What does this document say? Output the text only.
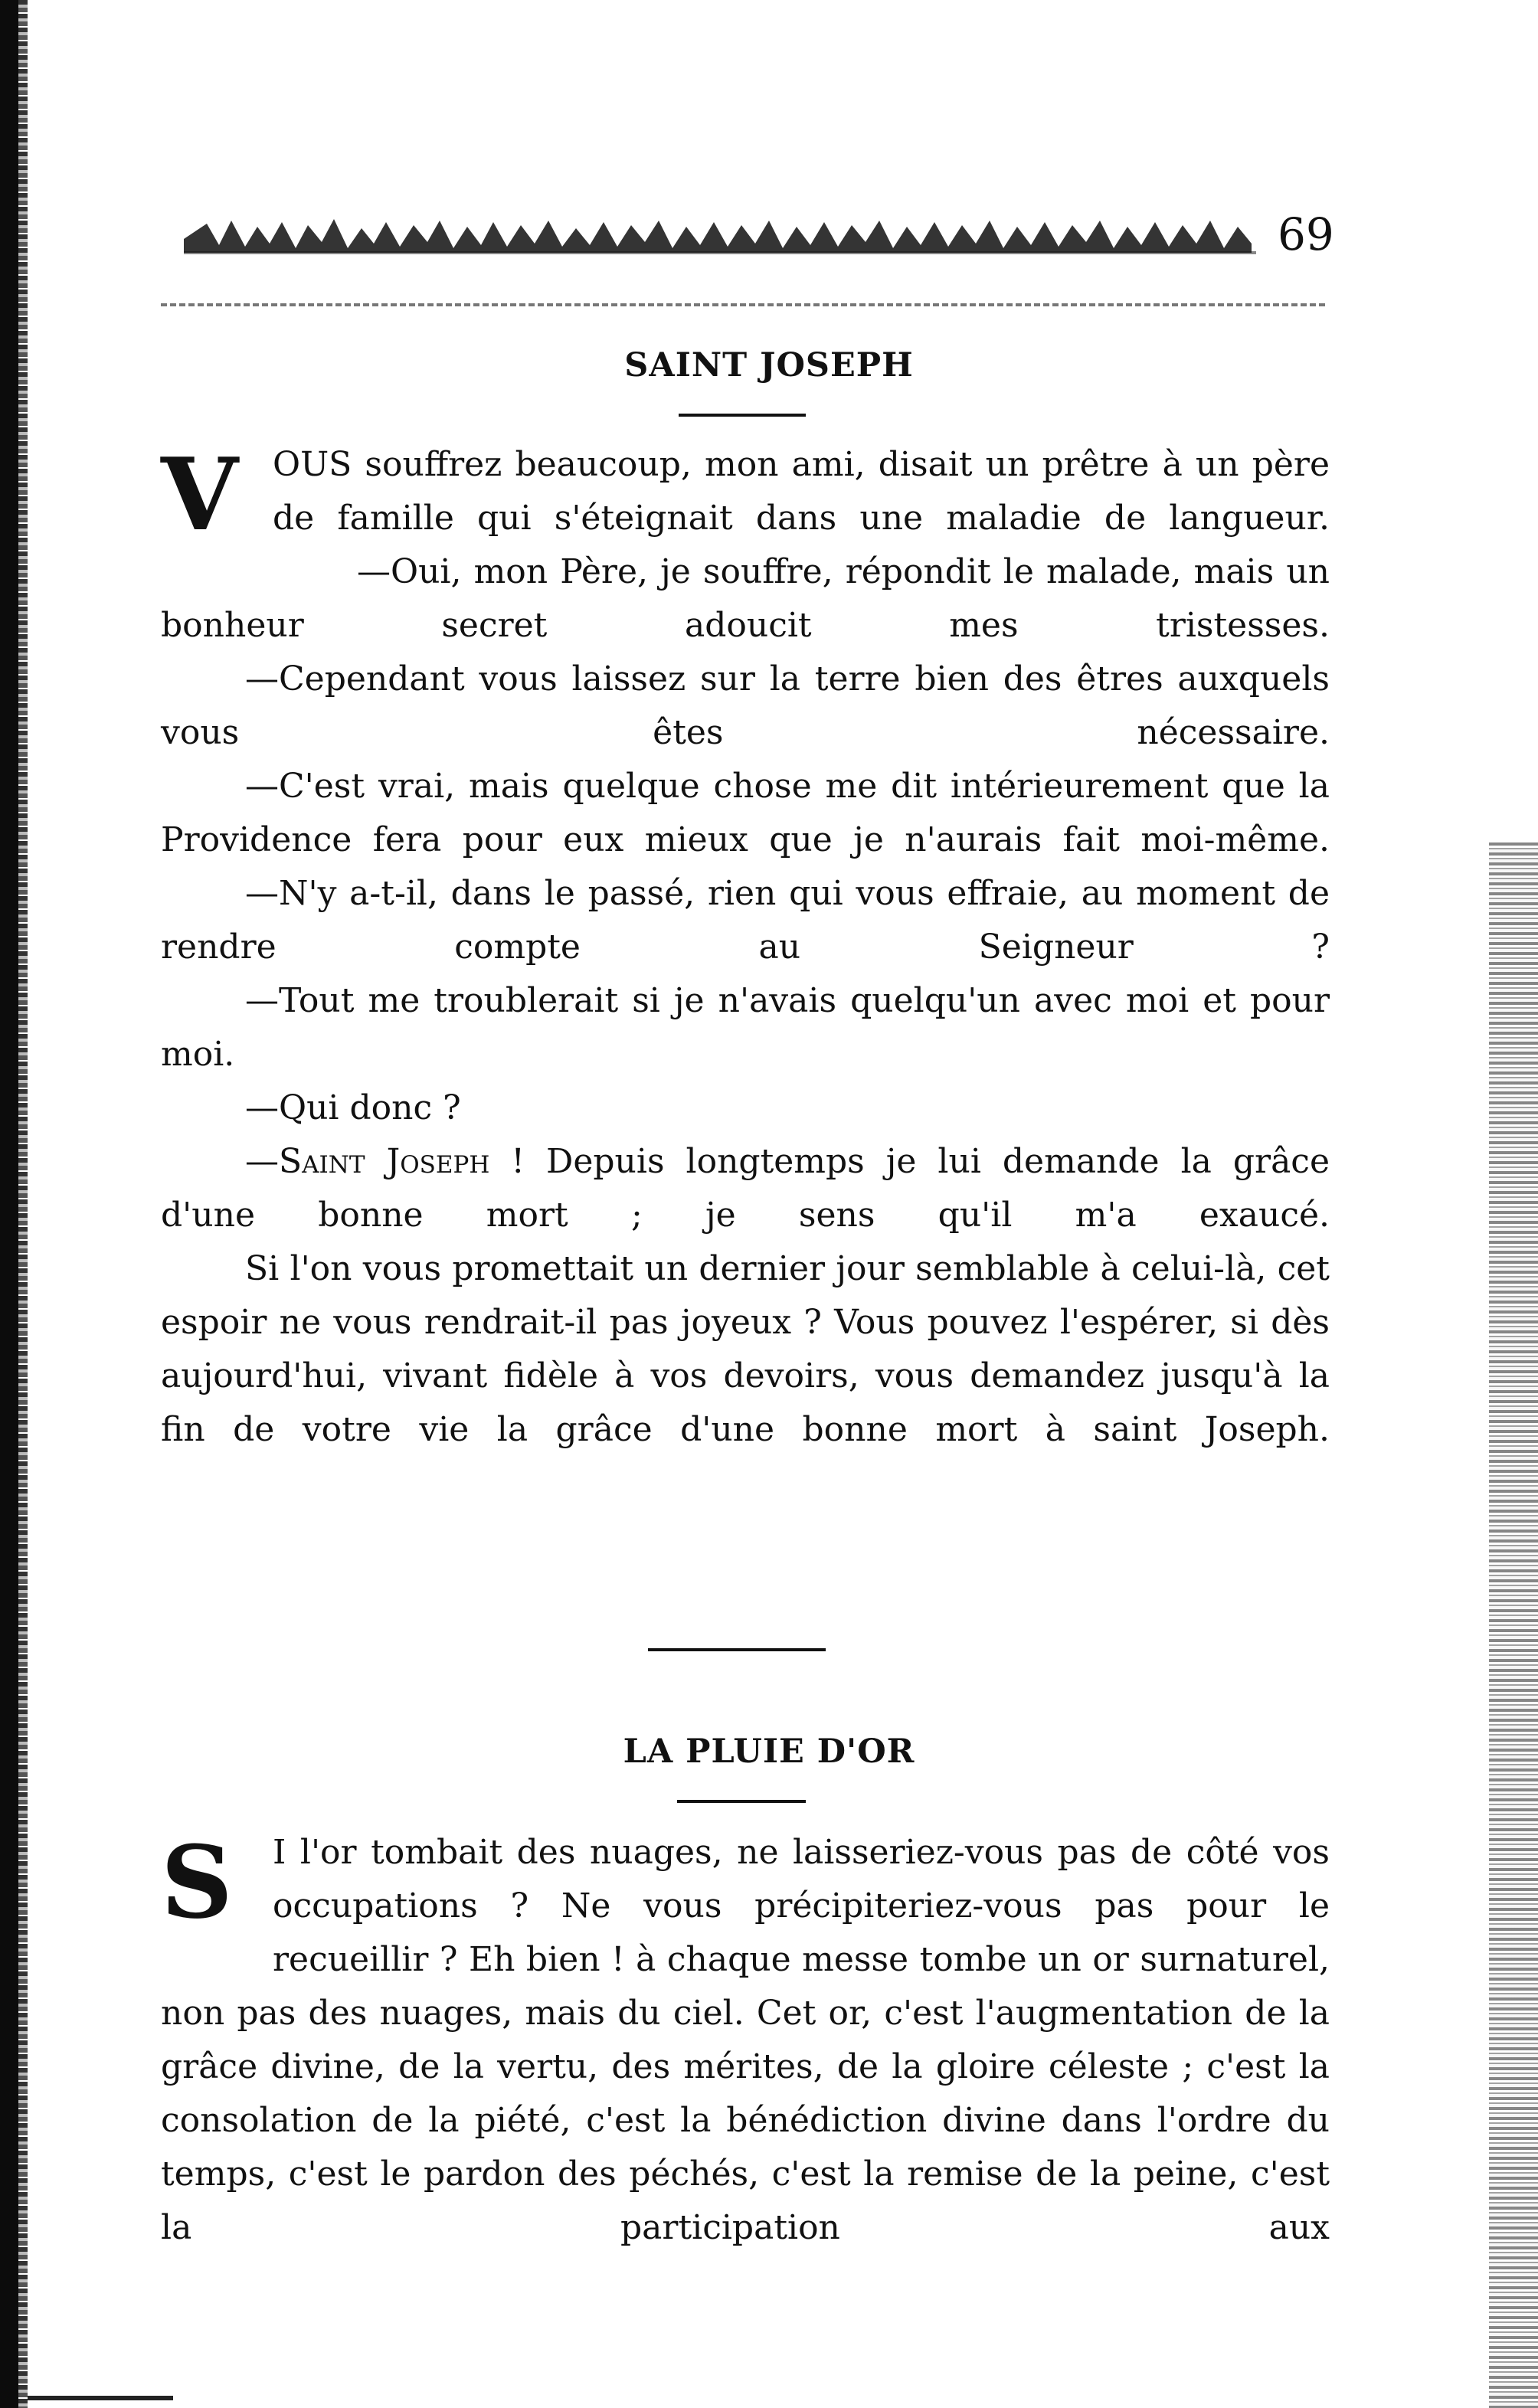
69
SAINT JOSEPH

V	OUS souffrez beaucoup, mon ami, disait un prêtre à un père de famille qui s'éteignait dans une maladie de langueur.

—Oui, mon Père, je souffre, répondit le malade, mais un bonheur secret adoucit mes tristesses.

—Cependant vous laissez sur la terre bien des êtres auxquels vous êtes nécessaire.

—C'est vrai, mais quelque chose me dit intérieurement que la Providence fera pour eux mieux que je n'aurais fait moi-même.

—N'y a-t-il, dans le passé, rien qui vous effraie, au moment de rendre compte au Seigneur ?

—Tout me troublerait si je n'avais quelqu'un avec moi et pour moi.

—Qui donc ?

—Saint Joseph ! Depuis longtemps je lui demande la grâce d'une bonne mort ; je sens qu'il m'a exaucé.

Si l'on vous promettait un dernier jour semblable à celui-là, cet espoir ne vous rendrait-il pas joyeux ? Vous pouvez l'espérer, si dès aujourd'hui, vivant fidèle à vos devoirs, vous demandez jusqu'à la fin de votre vie la grâce d'une bonne mort à saint Joseph.

LA PLUIE D'OR

S	I l'or tombait des nuages, ne laisseriez-vous pas de côté vos occupations ? Ne vous précipiteriez-vous pas pour le recueillir ? Eh bien ! à chaque messe tombe un or surnaturel, non pas des nuages, mais du ciel. Cet or, c'est l'augmentation de la grâce divine, de la vertu, des mérites, de la gloire céleste ; c'est la consolation de la piété, c'est la bénédiction divine dans l'ordre du temps, c'est le pardon des péchés, c'est la remise de la peine, c'est la participation aux
